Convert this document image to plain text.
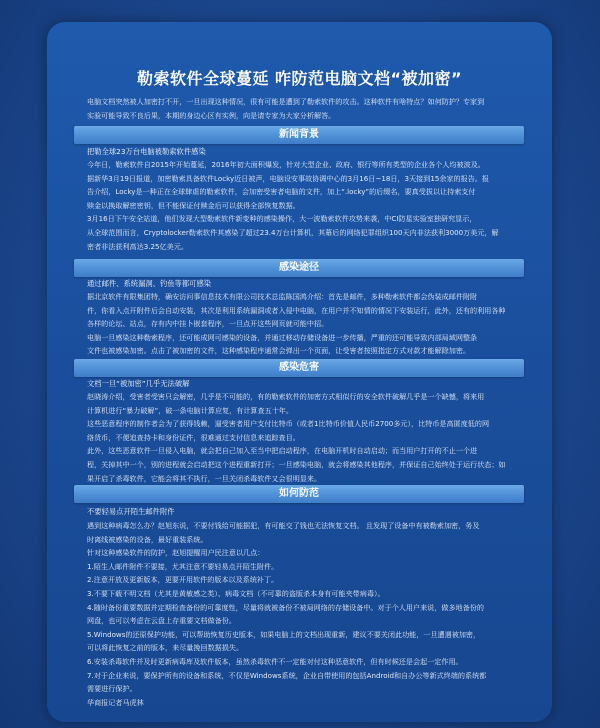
勒索软件全球蔓延 咋防范电脑文档“被加密”
电脑文档突然被人加密打不开，一旦出现这种情况，很有可能是遭到了勒索软件的攻击。这种软件有啥特点？如何防护？专家到
实验可能导致不良后果，本期的身边心区有实例，向是请专家为大家分析解答。
新闻背景
把勒全球23万台电脑被勒索软件感染
今年日，勒索软件自2015年开始蔓延，2016年初大面积爆发，针对大型企业、政府、银行等所有类型的企业各个人均被波及。
据新华3月19日报道，加密勒索具备软件Locky近日被声，电脑设安事故协调中心的3月16日~18日，3天接到15余家的报告。报
告介绍，Locky是一种正在全球肆虐的勒索软件，会加密受害者电脑的文件，加上“.locky”的后缀名，要真受拔以让持索支付
赎金以换取解密密钥，但不能保证付赎金后可以获得全部恢复数据。
3月16日下午安全站道，他们发现大型勒索软件新变种的感染操作，大一波勒索软件攻势来袭，中CI防星实验室独研究显示，
从全球范围而言，Cryptolocker勒索软件其感染了超过23.4万台计算机，其幕后的网络犯罪组织100天内非法获利3000万美元，解
密者非法获利高达3.25亿美元。
感染途径
通过邮件、系统漏洞、钓鱼等都可感染
据北京软件有限集团特，确安访问事信息技术有限公司技术总监陈国鸿介绍：首先是邮件，多种勒索软件都会伪装成邮件附附
件，你看入点开附件后会自动安装，其次是利用系统漏洞或者入侵中电脑，在用户并不知情的情况下安装运行，此外，还有的利用各种
各样的论坛、站点，存有内中挂卜嵌套程序，一旦点开这些网页就可能中招。
电脑一旦感染这种勒索程序，还可能成网可感染的设备，并通过移动存储设备进一步传播，严重的还可能导致内部局域网整条
文件也被感染加密。点击了被加密的文件，这种感染程序通常会弹出一个页面，让受害者按照指定方式对款才能解除加密。
感染危害
文档一旦“被加密”几乎无法破解
赵晓涛介绍，受害者受害只会解密，几乎是不可能的，有的勒索软件的加密方式相似行的安全软件破解几乎是一个缺憾，将来用
计算机进行“暴力破解”，破一条电脑计算应复，有计算查五十年。
这些恶意程序的制作者会为了获得钱赖，逼受害者用户支付比特币（或者1比特币价值人民币2700多元），比特币是高匿度低的网
络货币，不便追查持卡和身份证件，很难通过支付信息来追踪查目。
此外，这些恶意软件一旦侵入电脑，就会把自己加入至当中把启动程序，在电脑开机时自动启动；而当用户打开的不止一个进
程，关掉其中一个，别的进程就会启动把这个进程重新打开；一旦感染电脑，就会将感染其他程序，并保证自己始终处于运行状态；如
果开启了杀毒软件，它能会将其不执行，一旦关闭杀毒软件又会很明显来。
如何防范
不要轻易点开陌生邮件附件
遇到这种病毒怎么办？赵旭东说，不要付钱给可能据犯，有可能交了钱也无法恢复文档。 且发现了设备中有被勒索加密，务及
时离线被感染的设备，最好重装系统。
针对这种感染软件的防护，赵旭提醒用户民注意以几点：
1.陌生人邮件附件不要接，尤其注意不要轻易点开陌生附件。
2.注意开放及更新版本，更要开用软件的版本以及系统补丁。
3.不要下载不明文档（尤其是黄敏感之类）、病毒文档（不可靠的盗版杀本身有可能夹带病毒）。
4.随时备份重要数据并定期检查备份的可靠度性，尽量将就被备份不被局网络的存储设备中。对于个人用户来说，做多地备份的
网盘，也可以考虑在云盘上存重要文档做备份。
5.Windows的还原保护功能，可以帮助恢复历史版本，如果电脑上的文档出现重新，建议不要关闭此功能，一旦遭遇被加密，
可以将此恢复之前的版本，来尽量挽回数据损失。
6.安装杀毒软件并及时更新病毒库及软件版本，虽然杀毒软件不一定能对付这种恶意软件，但有时候还是会起一定作用。
7.对于企业来说，要保护所有的设备和系统，不仅是Windows系统，企业自带使用的包括Android和自办公等新式终端的系统都
需要进行保护。
华商报记者马虎林
